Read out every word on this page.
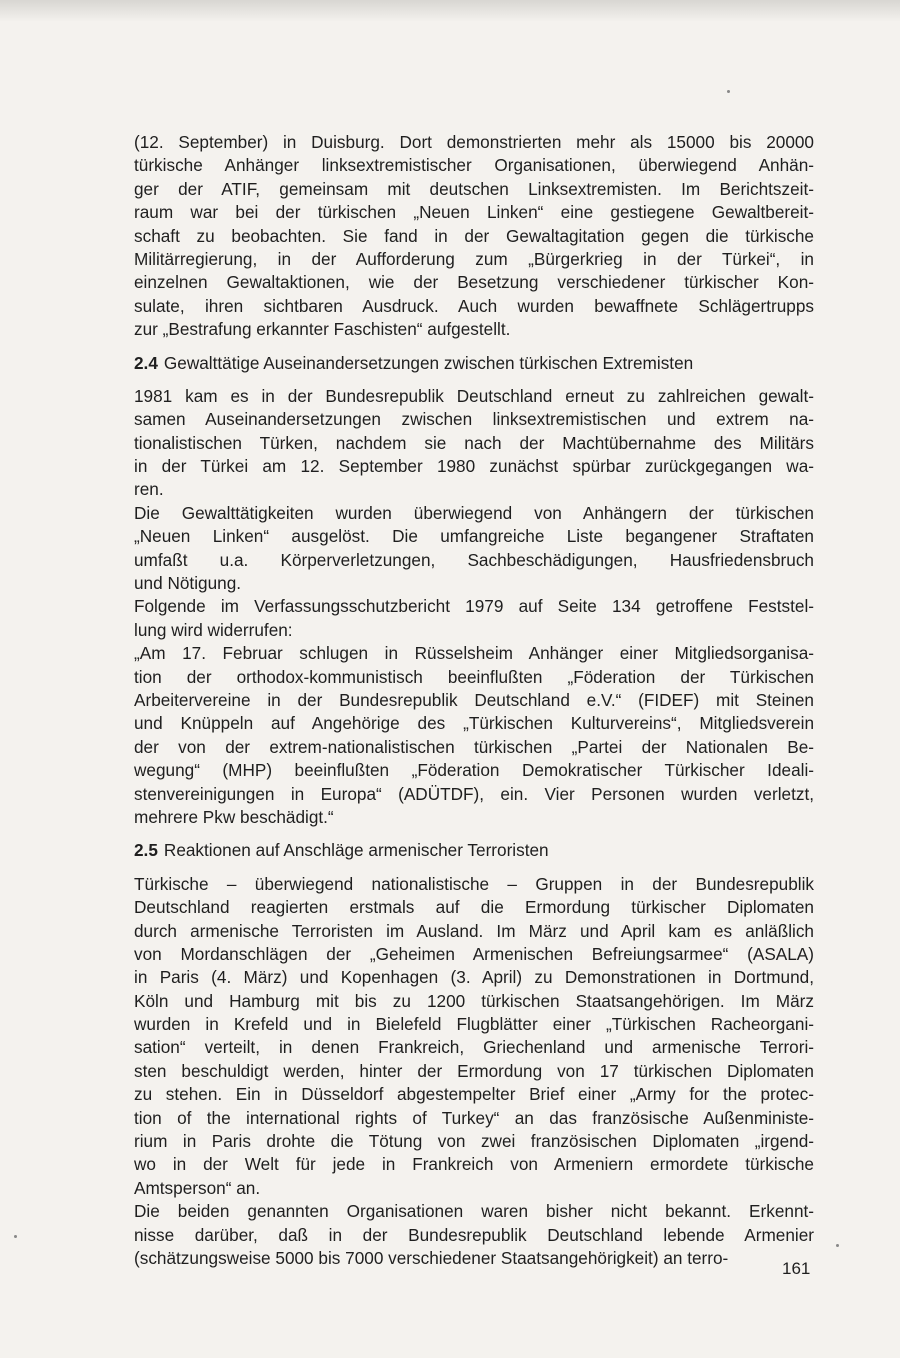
(12. September) in Duisburg. Dort demonstrierten mehr als 15000 bis 20000
türkische Anhänger linksextremistischer Organisationen, überwiegend Anhän-
ger der ATIF, gemeinsam mit deutschen Linksextremisten. Im Berichtszeit-
raum war bei der türkischen „Neuen Linken“ eine gestiegene Gewaltbereit-
schaft zu beobachten. Sie fand in der Gewaltagitation gegen die türkische
Militärregierung, in der Aufforderung zum „Bürgerkrieg in der Türkei“, in
einzelnen Gewaltaktionen, wie der Besetzung verschiedener türkischer Kon-
sulate, ihren sichtbaren Ausdruck. Auch wurden bewaffnete Schlägertrupps
zur „Bestrafung erkannter Faschisten“ aufgestellt.
2.4 Gewalttätige Auseinandersetzungen zwischen türkischen Extremisten
1981 kam es in der Bundesrepublik Deutschland erneut zu zahlreichen gewalt-
samen Auseinandersetzungen zwischen linksextremistischen und extrem na-
tionalistischen Türken, nachdem sie nach der Machtübernahme des Militärs
in der Türkei am 12. September 1980 zunächst spürbar zurückgegangen wa-
ren.
Die Gewalttätigkeiten wurden überwiegend von Anhängern der türkischen
„Neuen Linken“ ausgelöst. Die umfangreiche Liste begangener Straftaten
umfaßt u.a. Körperverletzungen, Sachbeschädigungen, Hausfriedensbruch
und Nötigung.
Folgende im Verfassungsschutzbericht 1979 auf Seite 134 getroffene Feststel-
lung wird widerrufen:
„Am 17. Februar schlugen in Rüsselsheim Anhänger einer Mitgliedsorganisa-
tion der orthodox-kommunistisch beeinflußten „Föderation der Türkischen
Arbeitervereine in der Bundesrepublik Deutschland e.V.“ (FIDEF) mit Steinen
und Knüppeln auf Angehörige des „Türkischen Kulturvereins“, Mitgliedsverein
der von der extrem-nationalistischen türkischen „Partei der Nationalen Be-
wegung“ (MHP) beeinflußten „Föderation Demokratischer Türkischer Ideali-
stenvereinigungen in Europa“ (ADÜTDF), ein. Vier Personen wurden verletzt,
mehrere Pkw beschädigt.“
2.5 Reaktionen auf Anschläge armenischer Terroristen
Türkische – überwiegend nationalistische – Gruppen in der Bundesrepublik
Deutschland reagierten erstmals auf die Ermordung türkischer Diplomaten
durch armenische Terroristen im Ausland. Im März und April kam es anläßlich
von Mordanschlägen der „Geheimen Armenischen Befreiungsarmee“ (ASALA)
in Paris (4. März) und Kopenhagen (3. April) zu Demonstrationen in Dortmund,
Köln und Hamburg mit bis zu 1200 türkischen Staatsangehörigen. Im März
wurden in Krefeld und in Bielefeld Flugblätter einer „Türkischen Racheorgani-
sation“ verteilt, in denen Frankreich, Griechenland und armenische Terrori-
sten beschuldigt werden, hinter der Ermordung von 17 türkischen Diplomaten
zu stehen. Ein in Düsseldorf abgestempelter Brief einer „Army for the protec-
tion of the international rights of Turkey“ an das französische Außenministe-
rium in Paris drohte die Tötung von zwei französischen Diplomaten „irgend-
wo in der Welt für jede in Frankreich von Armeniern ermordete türkische
Amtsperson“ an.
Die beiden genannten Organisationen waren bisher nicht bekannt. Erkennt-
nisse darüber, daß in der Bundesrepublik Deutschland lebende Armenier
(schätzungsweise 5000 bis 7000 verschiedener Staatsangehörigkeit) an terro-
161
